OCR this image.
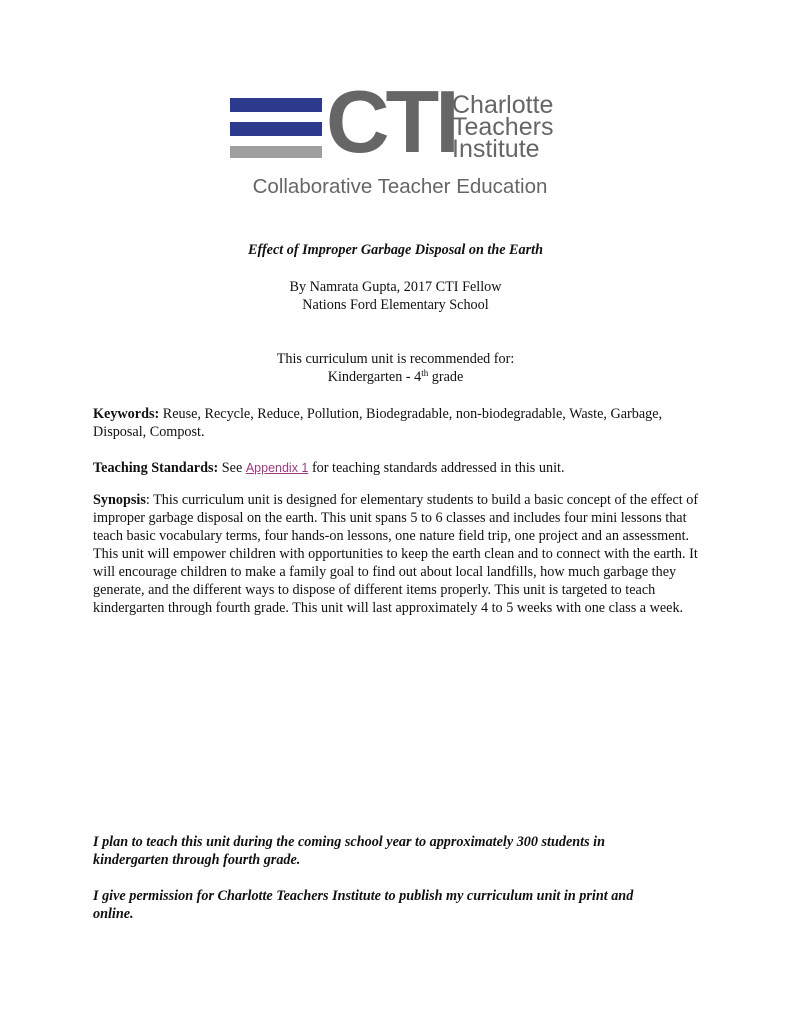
CTI
Charlotte
Teachers
Institute
Collaborative Teacher Education
Effect of Improper Garbage Disposal on the Earth
By Namrata Gupta, 2017 CTI Fellow
Nations Ford Elementary School
This curriculum unit is recommended for:
Kindergarten - 4th grade
Keywords: Reuse, Recycle, Reduce, Pollution, Biodegradable, non-biodegradable, Waste, Garbage, Disposal, Compost.
Teaching Standards: See Appendix 1 for teaching standards addressed in this unit.
Synopsis: This curriculum unit is designed for elementary students to build a basic concept of the effect of improper garbage disposal on the earth. This unit spans 5 to 6 classes and includes four mini lessons that teach basic vocabulary terms, four hands-on lessons, one nature field trip, one project and an assessment. This unit will empower children with opportunities to keep the earth clean and to connect with the earth. It will encourage children to make a family goal to find out about local landfills, how much garbage they generate, and the different ways to dispose of different items properly. This unit is targeted to teach kindergarten through fourth grade. This unit will last approximately 4 to 5 weeks with one class a week.
I plan to teach this unit during the coming school year to approximately 300 students in kindergarten through fourth grade.
I give permission for Charlotte Teachers Institute to publish my curriculum unit in print and online.
